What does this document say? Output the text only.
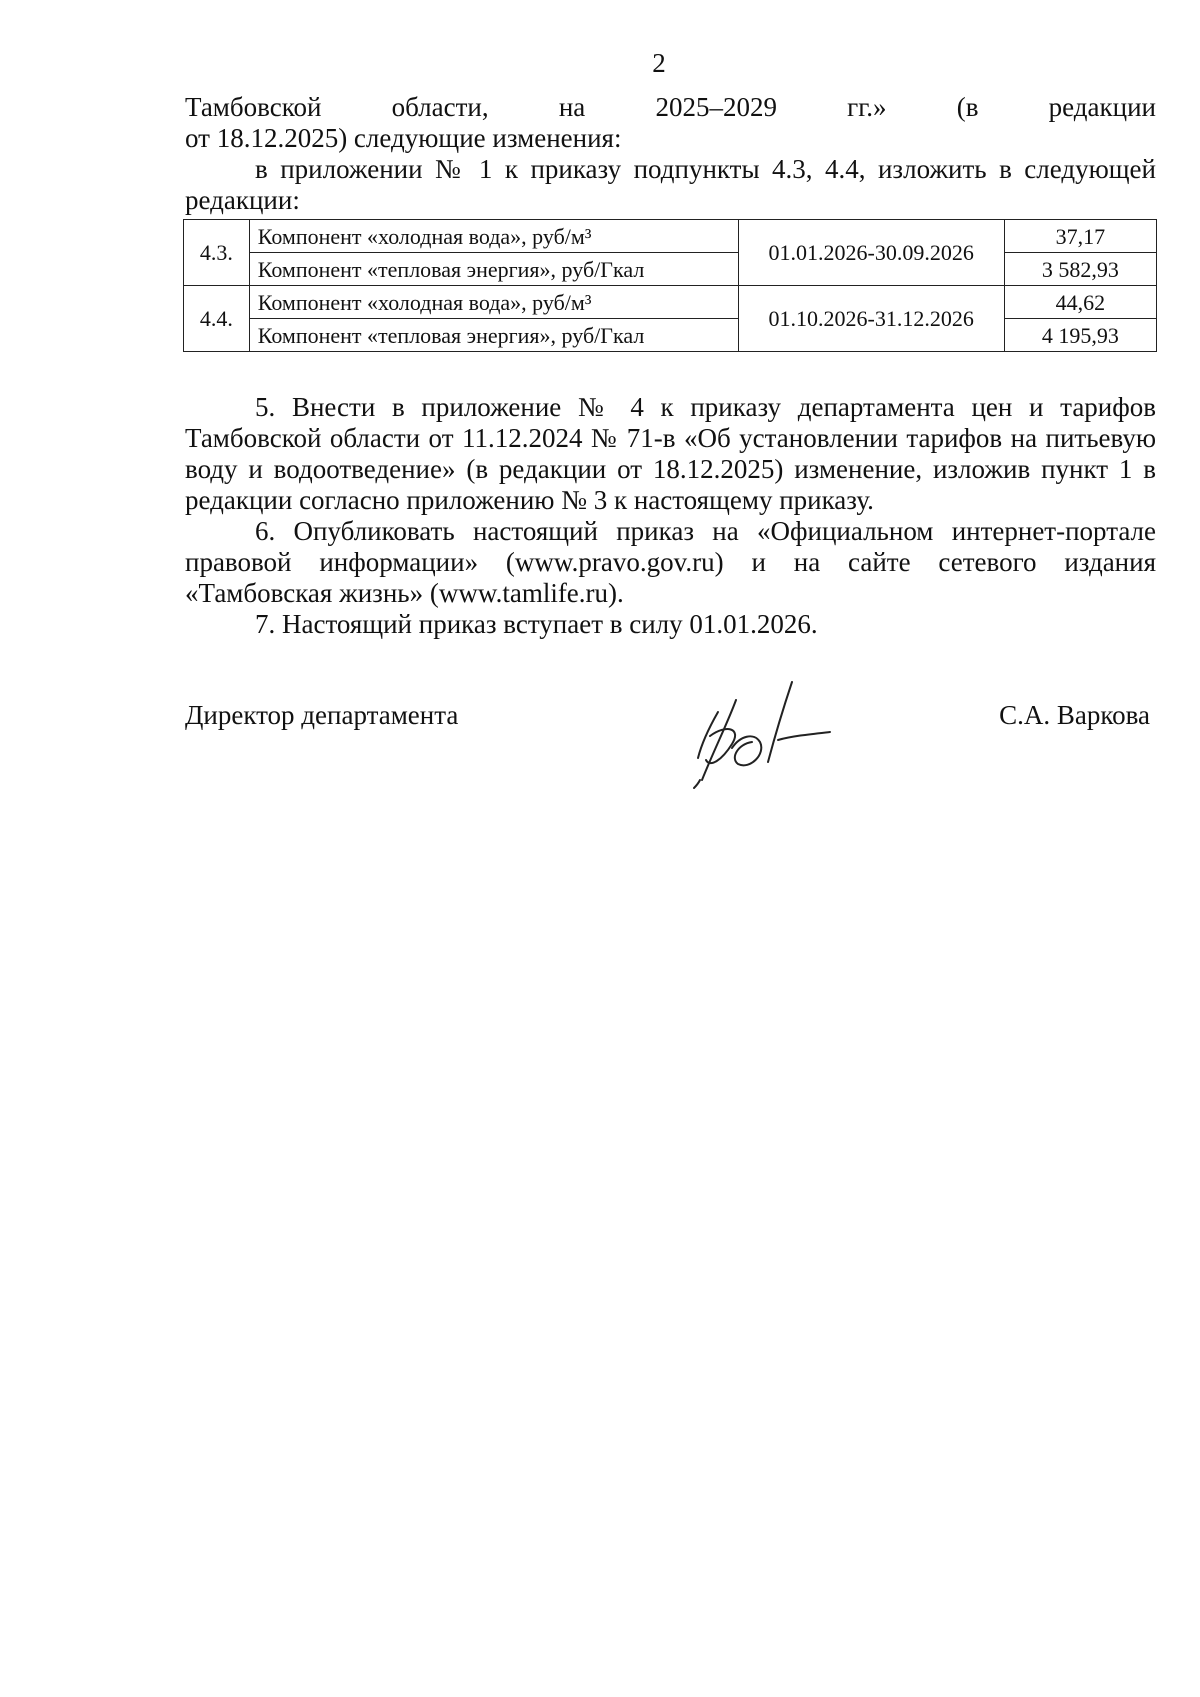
2

Тамбовской области, на 2025–2029 гг.» (в редакции

от 18.12.2025) следующие изменения:

в приложении № 1 к приказу подпункты 4.3, 4.4, изложить в следующей редакции:

4.3.	Компонент «холодная вода», руб/м³	01.01.2026-30.09.2026	37,17
	Компонент «тепловая энергия», руб/Гкал		3 582,93
4.4.	Компонент «холодная вода», руб/м³	01.10.2026-31.12.2026	44,62
	Компонент «тепловая энергия», руб/Гкал		4 195,93

5. Внести в приложение № 4 к приказу департамента цен и тарифов Тамбовской области от 11.12.2024 № 71-в «Об установлении тарифов на питьевую воду и водоотведение» (в редакции от 18.12.2025) изменение, изложив пункт 1 в редакции согласно приложению № 3 к настоящему приказу.

6. Опубликовать настоящий приказ на «Официальном интернет-портале правовой информации» (www.pravo.gov.ru) и на сайте сетевого издания «Тамбовская жизнь» (www.tamlife.ru).

7. Настоящий приказ вступает в силу 01.01.2026.

Директор департамента	С.А. Варкова
